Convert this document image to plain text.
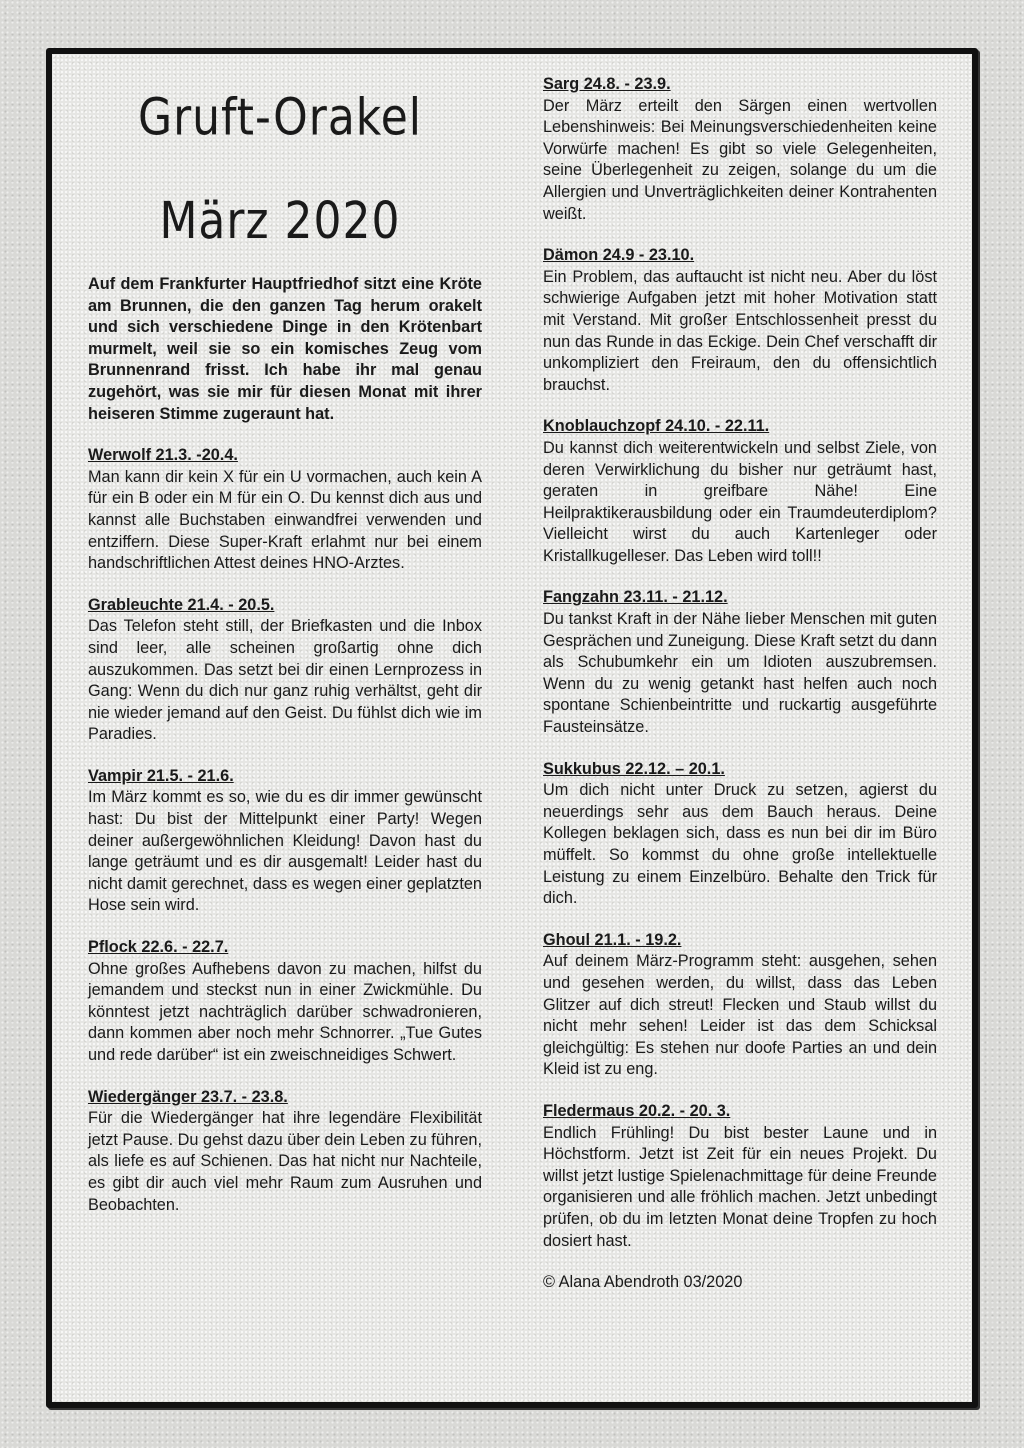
Gruft-Orakel
März 2020
Auf dem Frankfurter Hauptfriedhof sitzt eine Kröte am Brunnen, die den ganzen Tag herum orakelt und sich verschiedene Dinge in den Krötenbart murmelt, weil sie so ein komisches Zeug vom Brunnenrand frisst. Ich habe ihr mal genau zugehört, was sie mir für diesen Monat mit ihrer heiseren Stimme zugeraunt hat.
Werwolf 21.3. -20.4.

Man kann dir kein X für ein U vormachen, auch kein A für ein B oder ein M für ein O. Du kennst dich aus und kannst alle Buchstaben einwandfrei verwenden und entziffern. Diese Super-Kraft erlahmt nur bei einem handschriftlichen Attest deines HNO-Arztes.

Grableuchte 21.4. - 20.5.

Das Telefon steht still, der Briefkasten und die Inbox sind leer, alle scheinen großartig ohne dich auszukommen. Das setzt bei dir einen Lernprozess in Gang: Wenn du dich nur ganz ruhig verhältst, geht dir nie wieder jemand auf den Geist. Du fühlst dich wie im Paradies.

Vampir 21.5. - 21.6.

Im März kommt es so, wie du es dir immer gewünscht hast: Du bist der Mittelpunkt einer Party! Wegen deiner außergewöhnlichen Kleidung! Davon hast du lange geträumt und es dir ausgemalt! Leider hast du nicht damit gerechnet, dass es wegen einer geplatzten Hose sein wird.

Pflock 22.6. - 22.7.

Ohne großes Aufhebens davon zu machen, hilfst du jemandem und steckst nun in einer Zwickmühle. Du könntest jetzt nachträglich darüber schwadronieren, dann kommen aber noch mehr Schnorrer. „Tue Gutes und rede darüber“ ist ein zweischneidiges Schwert.

Wiedergänger 23.7. - 23.8.

Für die Wiedergänger hat ihre legendäre Flexibilität jetzt Pause. Du gehst dazu über dein Leben zu führen, als liefe es auf Schienen. Das hat nicht nur Nachteile, es gibt dir auch viel mehr Raum zum Ausruhen und Beobachten.

Sarg 24.8. - 23.9.

Der März erteilt den Särgen einen wertvollen Lebenshinweis: Bei Meinungsverschiedenheiten keine Vorwürfe machen! Es gibt so viele Gelegenheiten, seine Überlegenheit zu zeigen, solange du um die Allergien und Unverträglichkeiten deiner Kontrahenten weißt.

Dämon 24.9 - 23.10.

Ein Problem, das auftaucht ist nicht neu. Aber du löst schwierige Aufgaben jetzt mit hoher Motivation statt mit Verstand. Mit großer Entschlossenheit presst du nun das Runde in das Eckige. Dein Chef verschafft dir unkompliziert den Freiraum, den du offensichtlich brauchst.

Knoblauchzopf 24.10. - 22.11.

Du kannst dich weiterentwickeln und selbst Ziele, von deren Verwirklichung du bisher nur geträumt hast, geraten in greifbare Nähe! Eine Heilpraktikerausbildung oder ein Traumdeuterdiplom? Vielleicht wirst du auch Kartenleger oder Kristallkugelleser. Das Leben wird toll!!

Fangzahn 23.11. - 21.12.

Du tankst Kraft in der Nähe lieber Menschen mit guten Gesprächen und Zuneigung. Diese Kraft setzt du dann als Schubumkehr ein um Idioten auszubremsen. Wenn du zu wenig getankt hast helfen auch noch spontane Schienbeintritte und ruckartig ausgeführte Fausteinsätze.

Sukkubus 22.12. – 20.1.

Um dich nicht unter Druck zu setzen, agierst du neuerdings sehr aus dem Bauch heraus. Deine Kollegen beklagen sich, dass es nun bei dir im Büro müffelt. So kommst du ohne große intellektuelle Leistung zu einem Einzelbüro. Behalte den Trick für dich.

Ghoul 21.1. - 19.2.

Auf deinem März-Programm steht: ausgehen, sehen und gesehen werden, du willst, dass das Leben Glitzer auf dich streut! Flecken und Staub willst du nicht mehr sehen! Leider ist das dem Schicksal gleichgültig: Es stehen nur doofe Parties an und dein Kleid ist zu eng.

Fledermaus 20.2. - 20. 3.

Endlich Frühling! Du bist bester Laune und in Höchstform. Jetzt ist Zeit für ein neues Projekt. Du willst jetzt lustige Spielenachmittage für deine Freunde organisieren und alle fröhlich machen. Jetzt unbedingt prüfen, ob du im letzten Monat deine Tropfen zu hoch dosiert hast.

© Alana Abendroth 03/2020
